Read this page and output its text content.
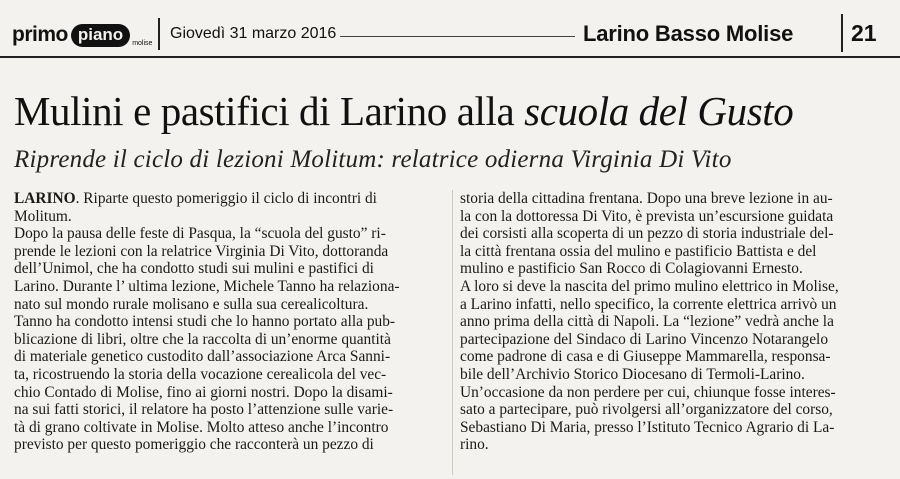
primo piano	molise
Giovedì 31 marzo 2016	Larino Basso Molise	21
Mulini e pastifici di Larino alla scuola del Gusto
Riprende il ciclo di lezioni Molitum: relatrice odierna Virginia Di Vito
LARINO. Riparte questo pomeriggio il ciclo di incontri di
Molitum.
Dopo la pausa delle feste di Pasqua, la “scuola del gusto” ri-
prende le lezioni con la relatrice Virginia Di Vito, dottoranda
dell’Unimol, che ha condotto studi sui mulini e pastifici di
Larino. Durante l’ ultima lezione, Michele Tanno ha relaziona-
nato sul mondo rurale molisano e sulla sua cerealicoltura.
Tanno ha condotto intensi studi che lo hanno portato alla pub-
blicazione di libri, oltre che la raccolta di un’enorme quantità
di materiale genetico custodito dall’associazione Arca Sanni-
ta, ricostruendo la storia della vocazione cerealicola del vec-
chio Contado di Molise, fino ai giorni nostri. Dopo la disami-
na sui fatti storici, il relatore ha posto l’attenzione sulle varie-
tà di grano coltivate in Molise. Molto atteso anche l’incontro
previsto per questo pomeriggio che racconterà un pezzo di
storia della cittadina frentana. Dopo una breve lezione in au-
la con la dottoressa Di Vito, è prevista un’escursione guidata
dei corsisti alla scoperta di un pezzo di storia industriale del-
la città frentana ossia del mulino e pastificio Battista e del
mulino e pastificio San Rocco di Colagiovanni Ernesto.
A loro si deve la nascita del primo mulino elettrico in Molise,
a Larino infatti, nello specifico, la corrente elettrica arrivò un
anno prima della città di Napoli. La “lezione” vedrà anche la
partecipazione del Sindaco di Larino Vincenzo Notarangelo
come padrone di casa e di Giuseppe Mammarella, responsa-
bile dell’Archivio Storico Diocesano di Termoli-Larino.
Un’occasione da non perdere per cui, chiunque fosse interes-
sato a partecipare, può rivolgersi all’organizzatore del corso,
Sebastiano Di Maria, presso l’Istituto Tecnico Agrario di La-
rino.
